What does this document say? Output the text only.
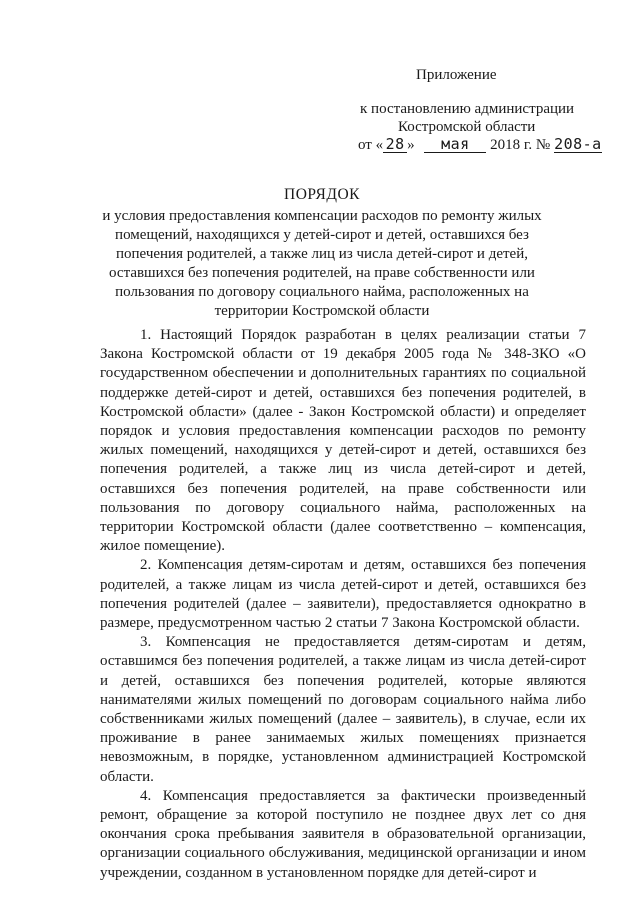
Приложение
к постановлению администрации
Костромской области
от « 28 » мая 2018 г. № 208-а
ПОРЯДОК
и условия предоставления компенсации расходов по ремонту жилых помещений, находящихся у детей-сирот и детей, оставшихся без попечения родителей, а также лиц из числа детей-сирот и детей, оставшихся без попечения родителей, на праве собственности или пользования по договору социального найма, расположенных на территории Костромской области

1. Настоящий Порядок разработан в целях реализации статьи 7 Закона Костромской области от 19 декабря 2005 года № 348-ЗКО «О государственном обеспечении и дополнительных гарантиях по социальной поддержке детей-сирот и детей, оставшихся без попечения родителей, в Костромской области» (далее - Закон Костромской области) и определяет порядок и условия предоставления компенсации расходов по ремонту жилых помещений, находящихся у детей-сирот и детей, оставшихся без попечения родителей, а также лиц из числа детей-сирот и детей, оставшихся без попечения родителей, на праве собственности или пользования по договору социального найма, расположенных на территории Костромской области (далее соответственно – компенсация, жилое помещение).

2. Компенсация детям-сиротам и детям, оставшихся без попечения родителей, а также лицам из числа детей-сирот и детей, оставшихся без попечения родителей (далее – заявители), предоставляется однократно в размере, предусмотренном частью 2 статьи 7 Закона Костромской области.

3. Компенсация не предоставляется детям-сиротам и детям, оставшимся без попечения родителей, а также лицам из числа детей-сирот и детей, оставшихся без попечения родителей, которые являются нанимателями жилых помещений по договорам социального найма либо собственниками жилых помещений (далее – заявитель), в случае, если их проживание в ранее занимаемых жилых помещениях признается невозможным, в порядке, установленном администрацией Костромской области.

4. Компенсация предоставляется за фактически произведенный ремонт, обращение за которой поступило не позднее двух лет со дня окончания срока пребывания заявителя в образовательной организации, организации социального обслуживания, медицинской организации и ином учреждении, созданном в установленном порядке для детей-сирот и
